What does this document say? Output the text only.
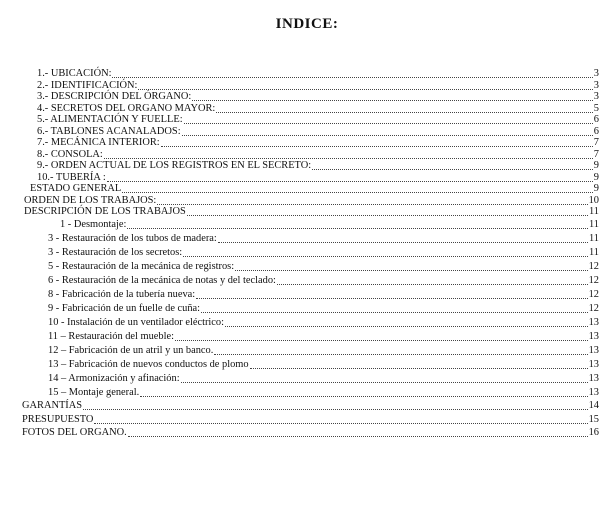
INDICE:
1.- UBICACIÓN:	3
2.- IDENTIFICACIÓN:	3
3.- DESCRIPCIÓN DEL ÓRGANO:	3
4.- SECRETOS DEL ORGANO MAYOR:	5
5.- ALIMENTACIÓN Y FUELLE:	6
6.- TABLONES ACANALADOS:	6
7.- MECÁNICA INTERIOR:	7
8.- CONSOLA:	7
9.- ORDEN ACTUAL DE LOS REGISTROS EN EL SECRETO:	9
10.- TUBERÍA :	9
ESTADO GENERAL	9
ORDEN DE LOS TRABAJOS:	10
DESCRIPCIÓN DE LOS TRABAJOS	11
1 - Desmontaje:	11
3 - Restauración de los tubos de madera:	11
3 - Restauración de los secretos:	11
5 - Restauración de la mecánica de registros:	12
6 - Restauración de la mecánica de notas y del teclado:	12
8 - Fabricación de la tubería nueva:	12
9 - Fabricación de un fuelle de cuña:	12
10 - Instalación de un ventilador eléctrico:	13
11 – Restauración del mueble:	13
12 – Fabricación de un atril y un banco.	13
13 – Fabricación de nuevos conductos de plomo	13
14 – Armonización y afinación:	13
15 – Montaje general.	13
GARANTÍAS	14
PRESUPUESTO	15
FOTOS DEL ORGANO.	16
